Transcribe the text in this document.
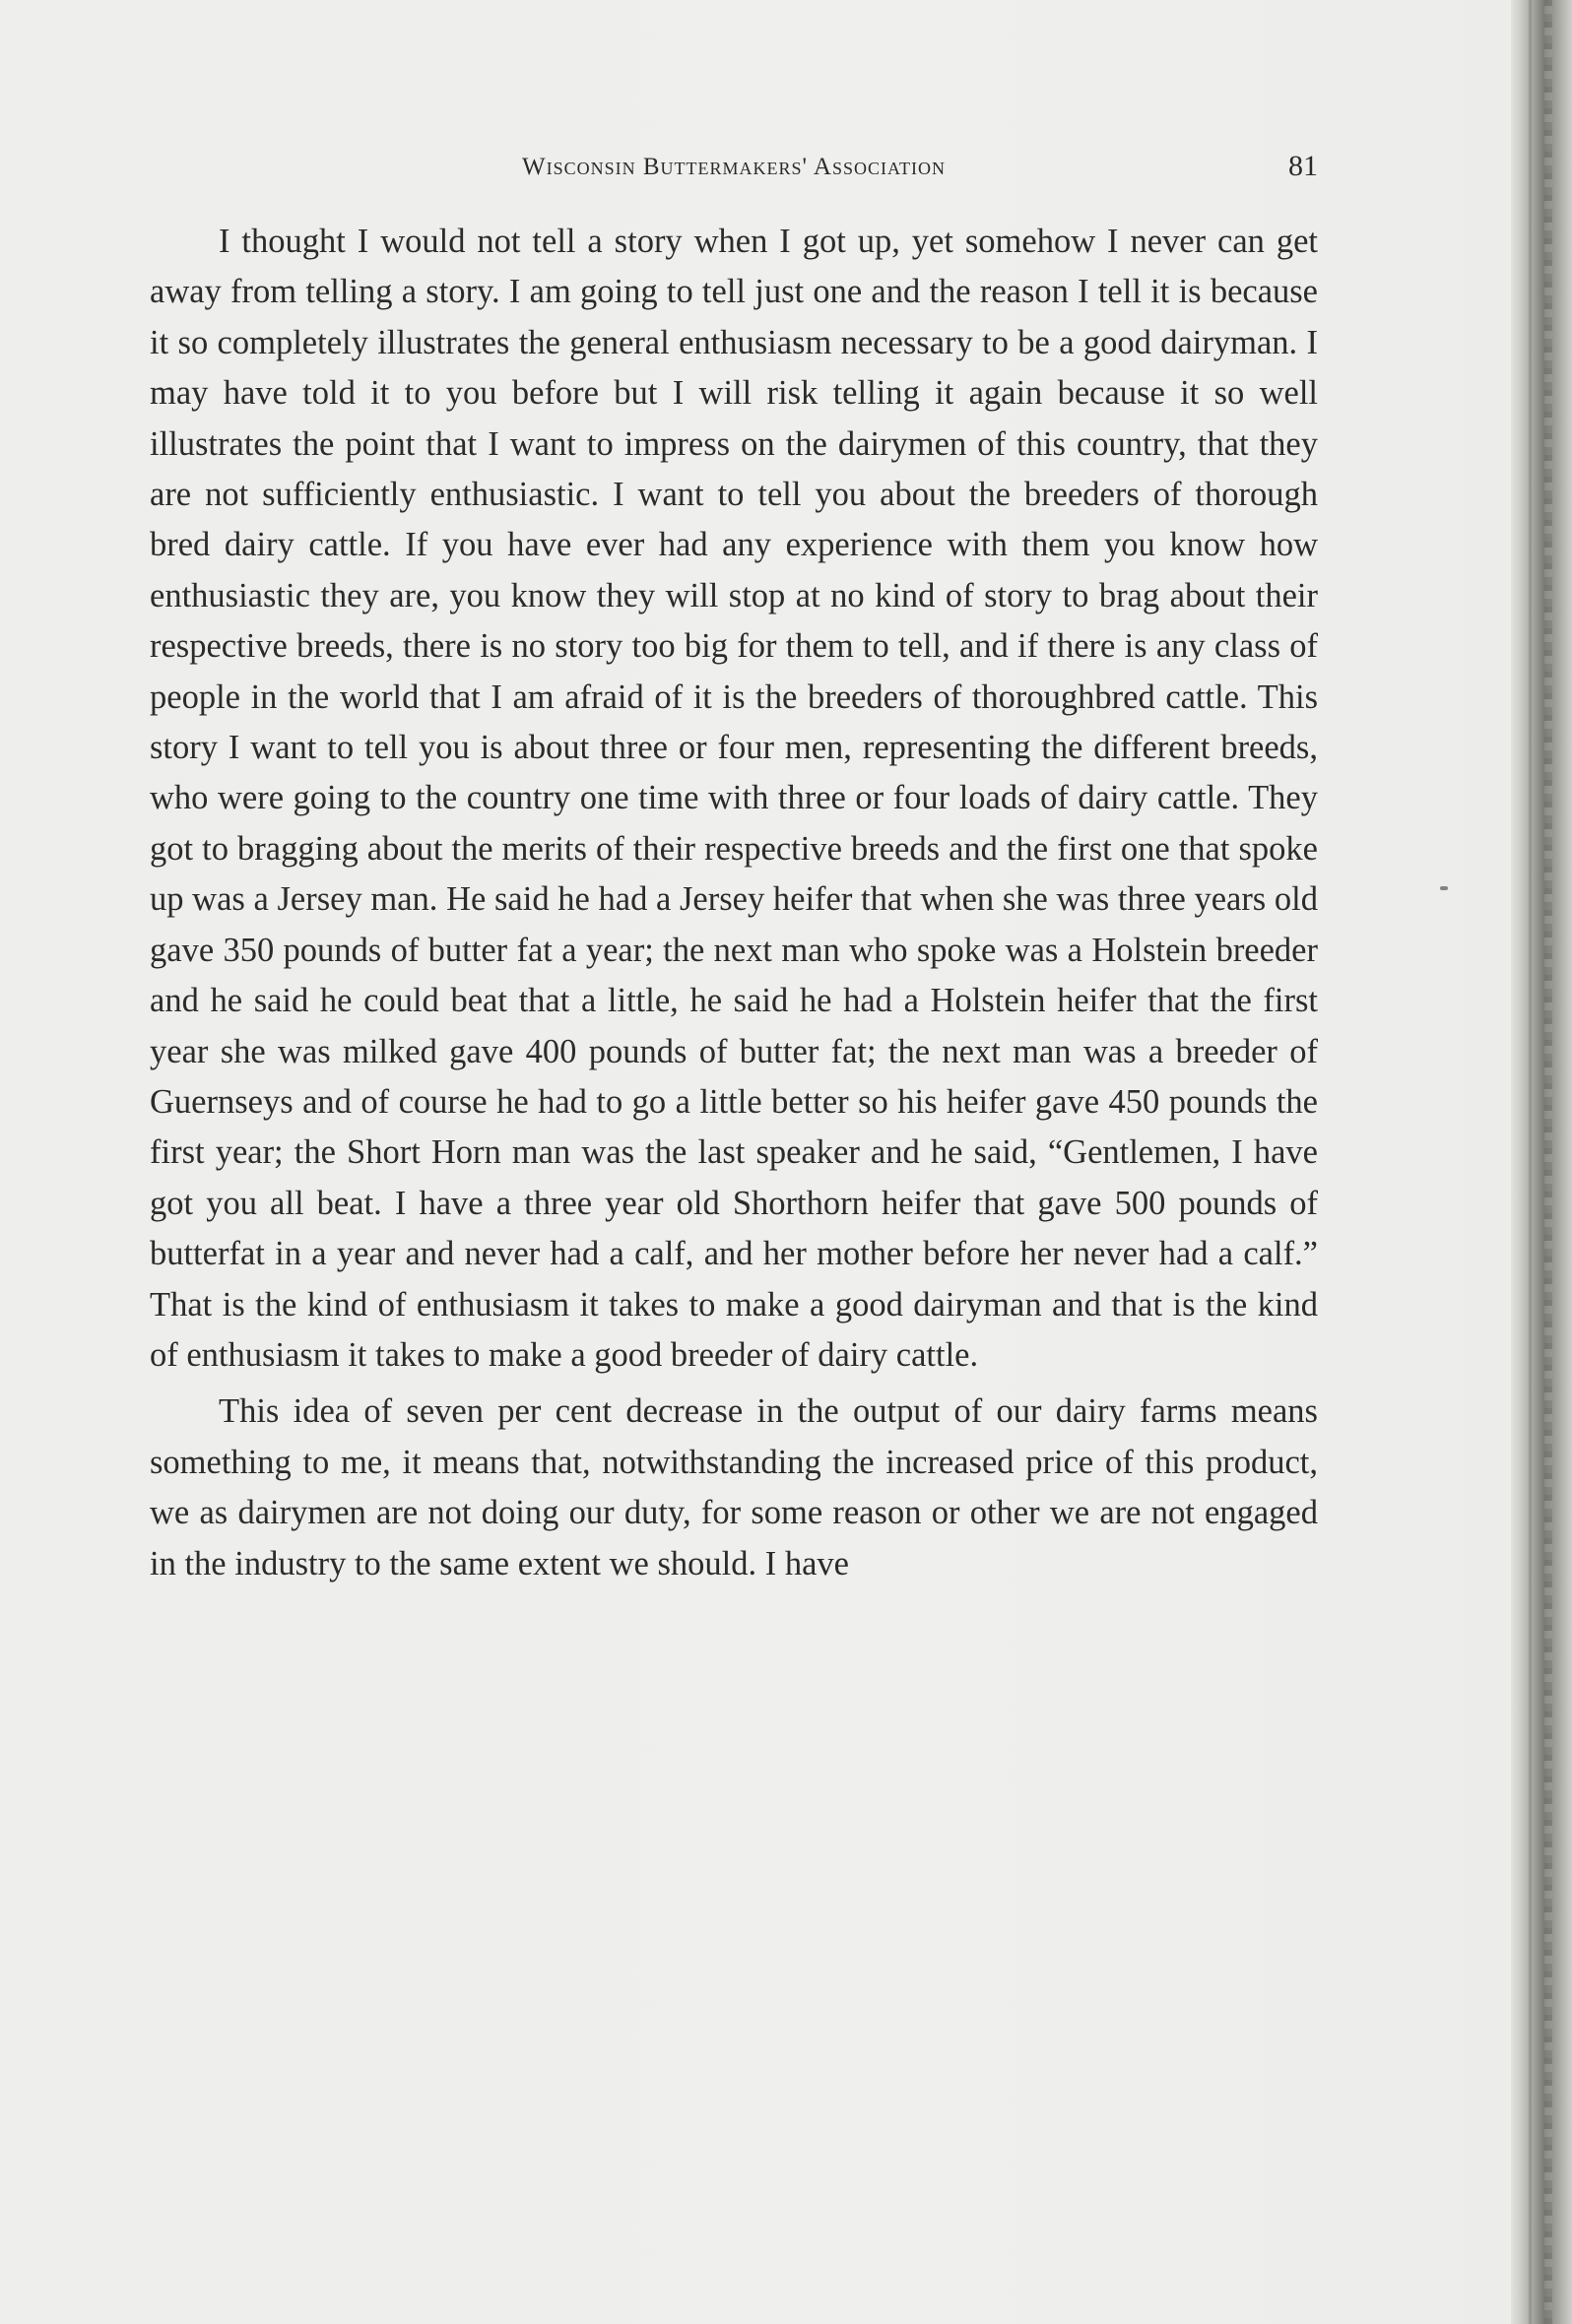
Wisconsin Buttermakers' Association	81

I thought I would not tell a story when I got up, yet somehow I never can get away from telling a story. I am going to tell just one and the reason I tell it is because it so completely illustrates the general enthusiasm necessary to be a good dairyman. I may have told it to you before but I will risk telling it again because it so well illustrates the point that I want to impress on the dairymen of this country, that they are not sufficiently enthusiastic. I want to tell you about the breeders of thorough bred dairy cattle. If you have ever had any experience with them you know how enthusiastic they are, you know they will stop at no kind of story to brag about their respective breeds, there is no story too big for them to tell, and if there is any class of people in the world that I am afraid of it is the breeders of thoroughbred cattle. This story I want to tell you is about three or four men, representing the different breeds, who were going to the country one time with three or four loads of dairy cattle. They got to bragging about the merits of their respective breeds and the first one that spoke up was a Jersey man. He said he had a Jersey heifer that when she was three years old gave 350 pounds of butter fat a year; the next man who spoke was a Holstein breeder and he said he could beat that a little, he said he had a Holstein heifer that the first year she was milked gave 400 pounds of butter fat; the next man was a breeder of Guernseys and of course he had to go a little better so his heifer gave 450 pounds the first year; the Short Horn man was the last speaker and he said, “Gentlemen, I have got you all beat. I have a three year old Shorthorn heifer that gave 500 pounds of butterfat in a year and never had a calf, and her mother before her never had a calf.” That is the kind of enthusiasm it takes to make a good dairyman and that is the kind of enthusiasm it takes to make a good breeder of dairy cattle.

This idea of seven per cent decrease in the output of our dairy farms means something to me, it means that, notwithstanding the increased price of this product, we as dairymen are not doing our duty, for some reason or other we are not engaged in the industry to the same extent we should. I have
